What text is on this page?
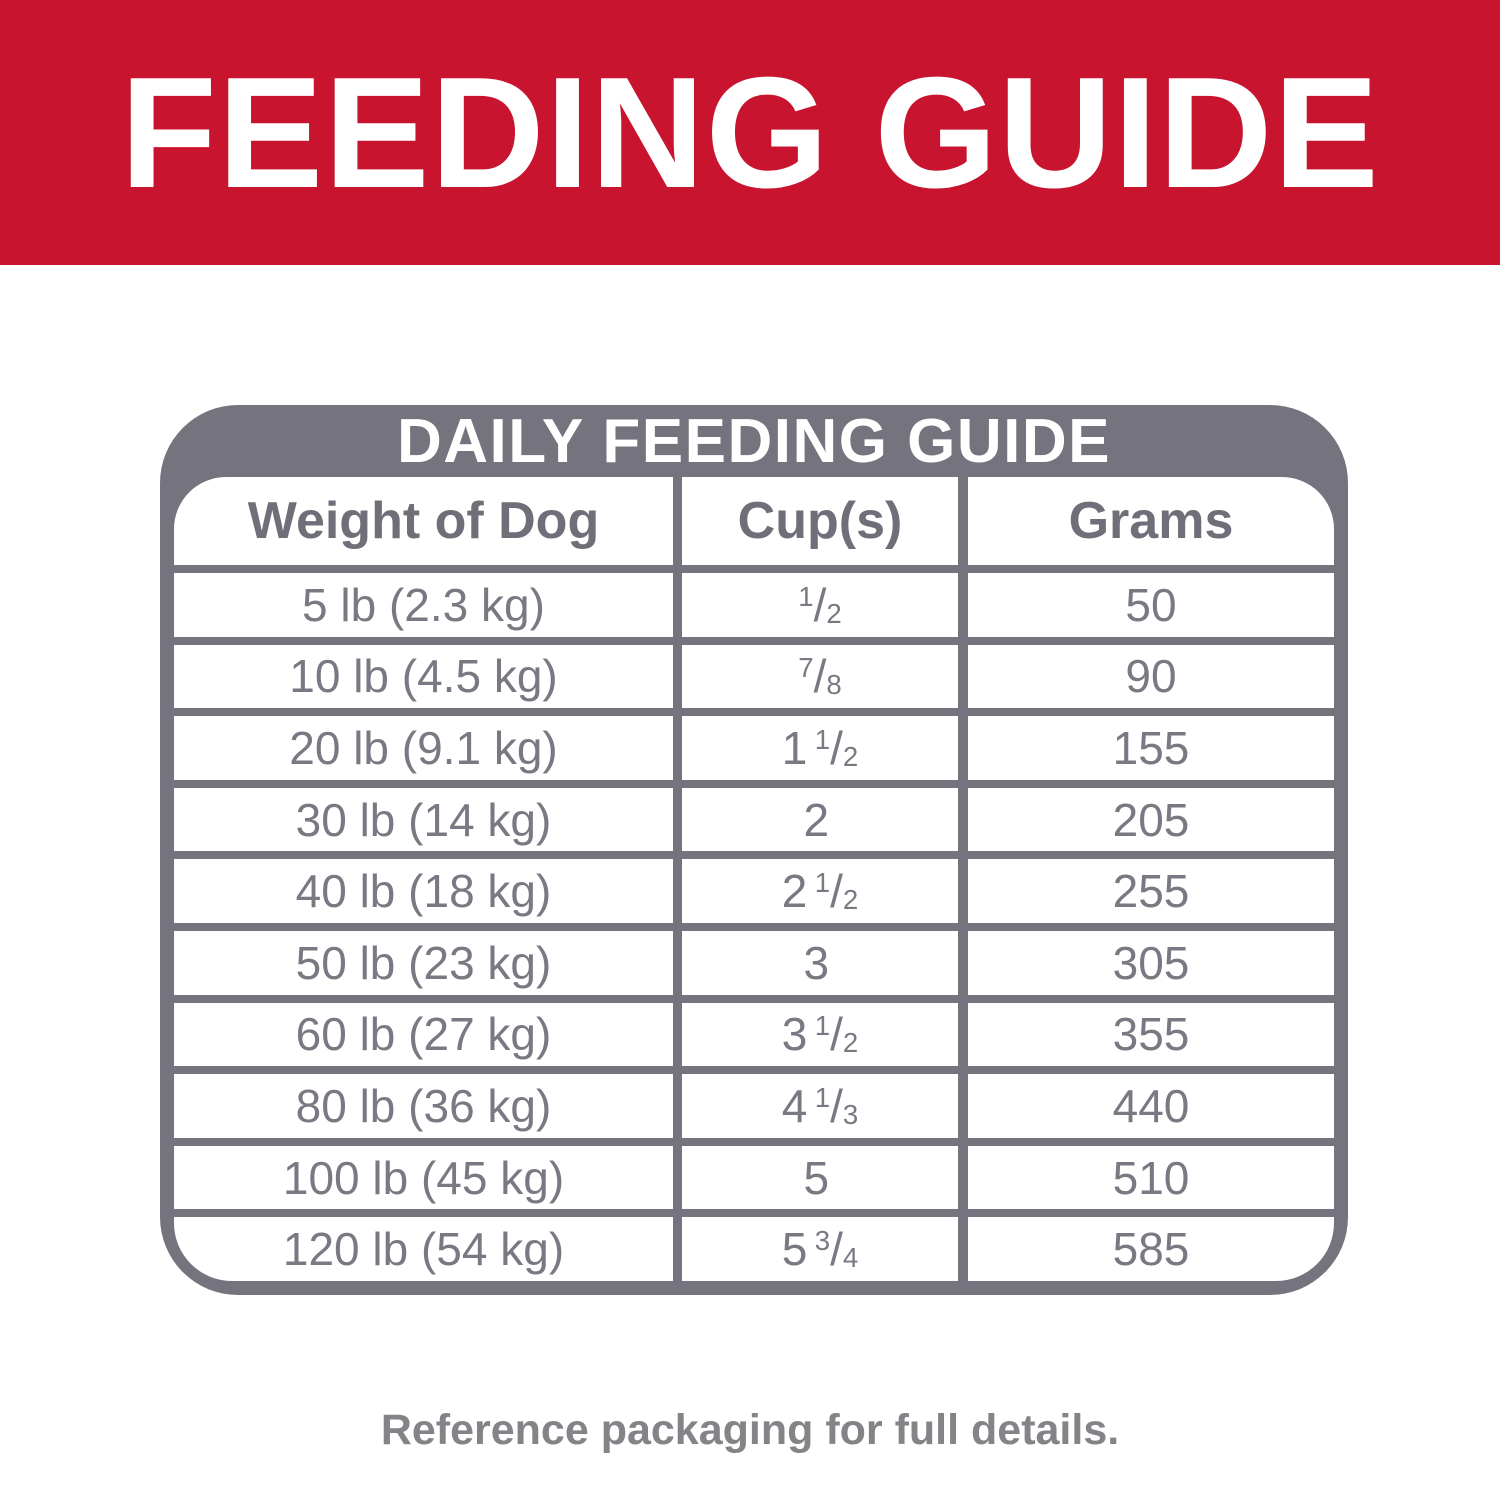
FEEDING GUIDE
DAILY FEEDING GUIDE
Weight of Dog	Cup(s)	Grams
5 lb (2.3 kg)	$^1$/2	50
10 lb (4.5 kg)	$^7$/8	90
20 lb (9.1 kg)	1 $^1$/2	155
30 lb (14 kg)	2	205
40 lb (18 kg)	2 $^1$/2	255
50 lb (23 kg)	3	305
60 lb (27 kg)	3 $^1$/2	355
80 lb (36 kg)	4 $^1$/3	440
100 lb (45 kg)	5	510
120 lb (54 kg)	5 $^3$/4	585
Reference packaging for full details.
